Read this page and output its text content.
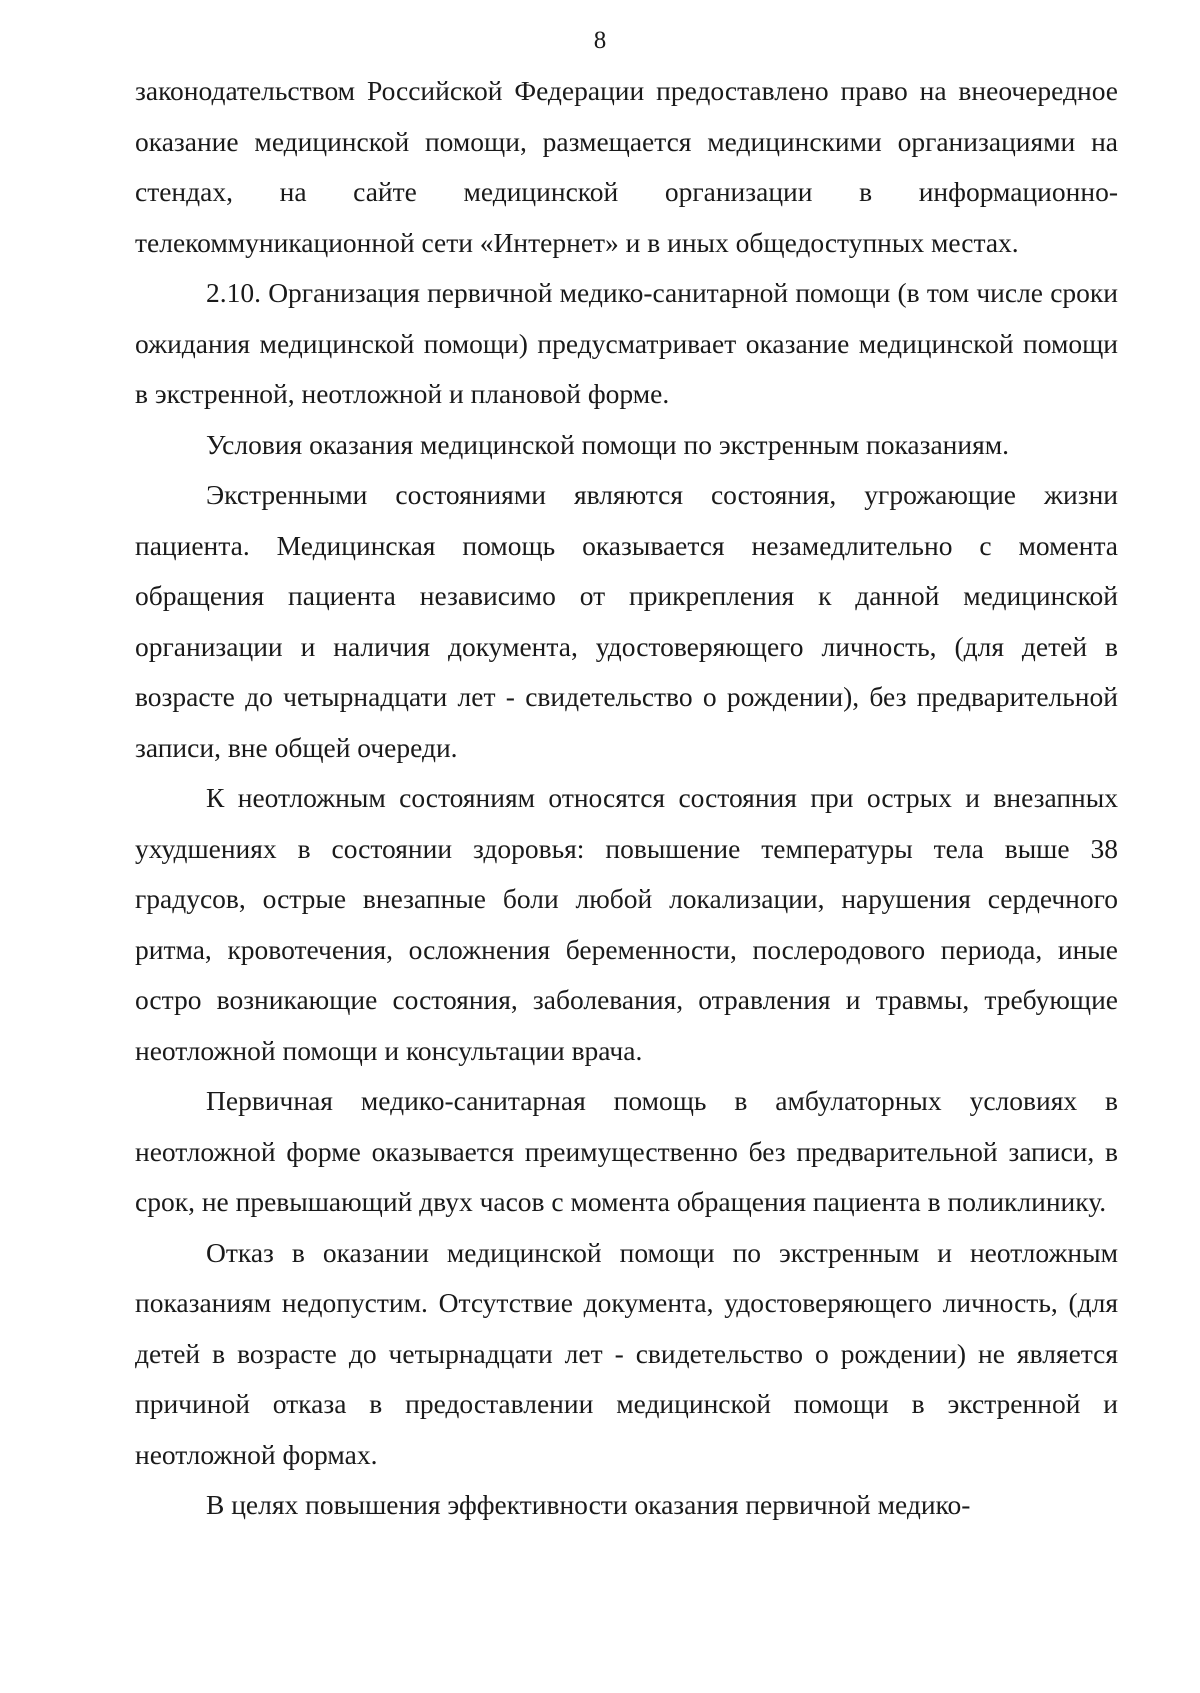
8

законодательством Российской Федерации предоставлено право на внеочередное оказание медицинской помощи, размещается медицинскими организациями на стендах, на сайте медицинской организации в информационно-телекоммуникационной сети «Интернет» и в иных общедоступных местах.

2.10. Организация первичной медико-санитарной помощи (в том числе сроки ожидания медицинской помощи) предусматривает оказание медицинской помощи в экстренной, неотложной и плановой форме.

Условия оказания медицинской помощи по экстренным показаниям.

Экстренными состояниями являются состояния, угрожающие жизни пациента. Медицинская помощь оказывается незамедлительно с момента обращения пациента независимо от прикрепления к данной медицинской организации и наличия документа, удостоверяющего личность, (для детей в возрасте до четырнадцати лет - свидетельство о рождении), без предварительной записи, вне общей очереди.

К неотложным состояниям относятся состояния при острых и внезапных ухудшениях в состоянии здоровья: повышение температуры тела выше 38 градусов, острые внезапные боли любой локализации, нарушения сердечного ритма, кровотечения, осложнения беременности, послеродового периода, иные остро возникающие состояния, заболевания, отравления и травмы, требующие неотложной помощи и консультации врача.

Первичная медико-санитарная помощь в амбулаторных условиях в неотложной форме оказывается преимущественно без предварительной записи, в срок, не превышающий двух часов с момента обращения пациента в поликлинику.

Отказ в оказании медицинской помощи по экстренным и неотложным показаниям недопустим. Отсутствие документа, удостоверяющего личность, (для детей в возрасте до четырнадцати лет - свидетельство о рождении) не является причиной отказа в предоставлении медицинской помощи в экстренной и неотложной формах.

В целях повышения эффективности оказания первичной медико-
